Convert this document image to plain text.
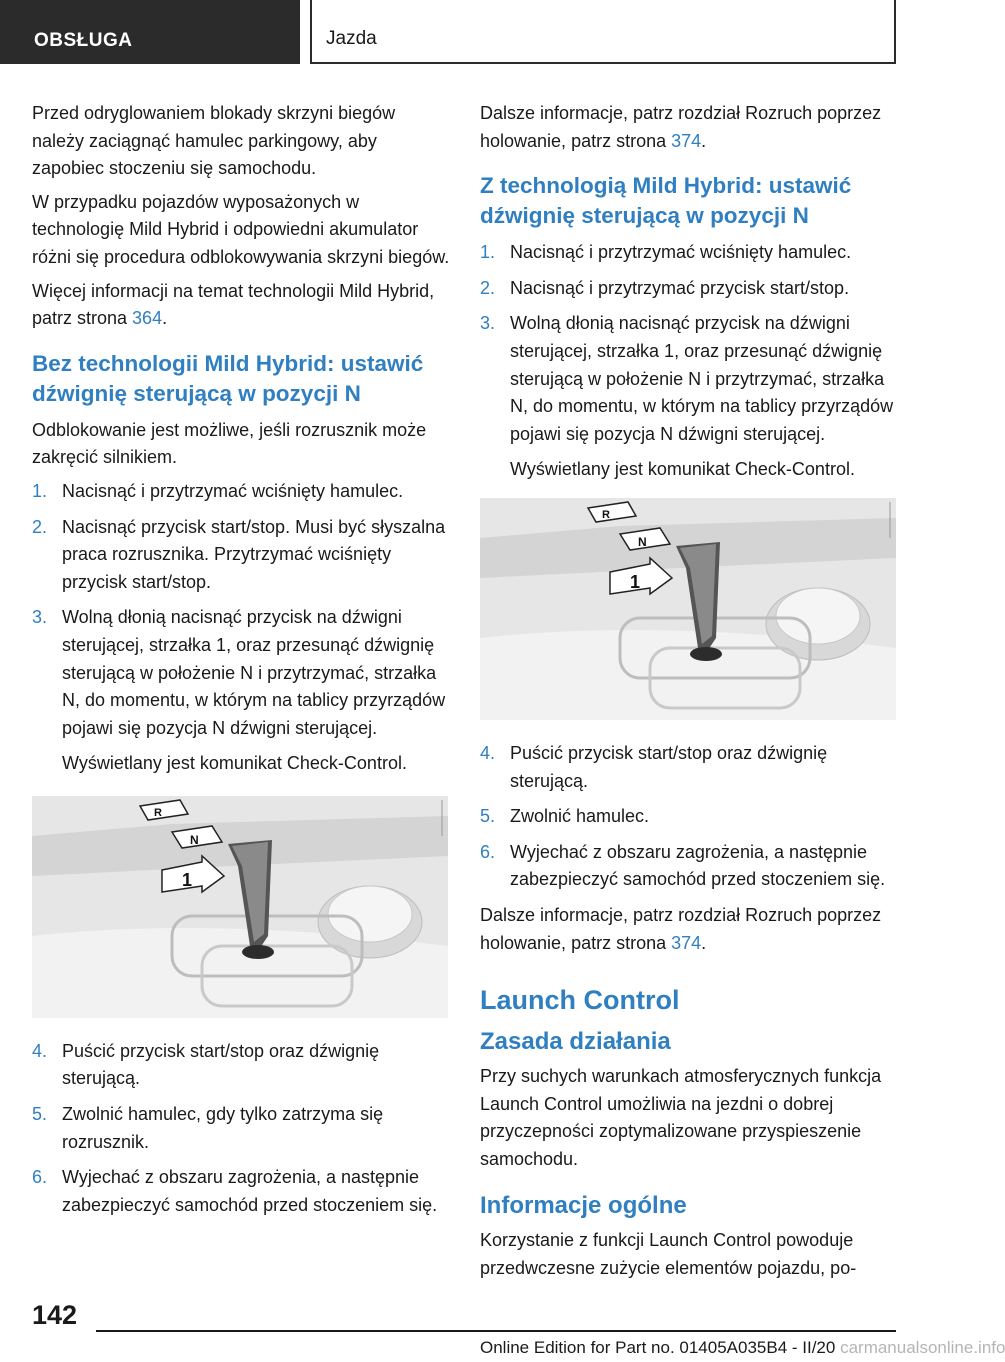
OBSŁUGA	Jazda

Przed odryglowaniem blokady skrzyni biegów należy zaciągnąć hamulec parkingowy, aby zapobiec stoczeniu się samochodu.

W przypadku pojazdów wyposażonych w technologię Mild Hybrid i odpowiedni akumulator różni się procedura odblokowywania skrzyni biegów.

Więcej informacji na temat technologii Mild Hybrid, patrz strona 364.

Bez technologii Mild Hybrid: ustawić dźwignię sterującą w pozycji N

Odblokowanie jest możliwe, jeśli rozrusznik może zakręcić silnikiem.

1. Nacisnąć i przytrzymać wciśnięty hamulec.
2. Nacisnąć przycisk start/stop. Musi być słyszalna praca rozrusznika. Przytrzymać wciśnięty przycisk start/stop.
3. Wolną dłonią nacisnąć przycisk na dźwigni sterującej, strzałka 1, oraz przesunąć dźwignię sterującą w położenie N i przytrzymać, strzałka N, do momentu, w którym na tablicy przyrządów pojawi się pozycja N dźwigni sterującej.
Wyświetlany jest komunikat Check-Control.
R
N
1
4. Puścić przycisk start/stop oraz dźwignię sterującą.
5. Zwolnić hamulec, gdy tylko zatrzyma się rozrusznik.
6. Wyjechać z obszaru zagrożenia, a następnie zabezpieczyć samochód przed stoczeniem się.

Dalsze informacje, patrz rozdział Rozruch poprzez holowanie, patrz strona 374.

Z technologią Mild Hybrid: ustawić dźwignię sterującą w pozycji N
1. Nacisnąć i przytrzymać wciśnięty hamulec.
2. Nacisnąć i przytrzymać przycisk start/stop.
3. Wolną dłonią nacisnąć przycisk na dźwigni sterującej, strzałka 1, oraz przesunąć dźwignię sterującą w położenie N i przytrzymać, strzałka N, do momentu, w którym na tablicy przyrządów pojawi się pozycja N dźwigni sterującej.
Wyświetlany jest komunikat Check-Control.
R
N
1
4. Puścić przycisk start/stop oraz dźwignię sterującą.
5. Zwolnić hamulec.
6. Wyjechać z obszaru zagrożenia, a następnie zabezpieczyć samochód przed stoczeniem się.

Dalsze informacje, patrz rozdział Rozruch poprzez holowanie, patrz strona 374.

Launch Control
Zasada działania

Przy suchych warunkach atmosferycznych funkcja Launch Control umożliwia na jezdni o dobrej przyczepności zoptymalizowane przyspieszenie samochodu.

Informacje ogólne

Korzystanie z funkcji Launch Control powoduje przedwczesne zużycie elementów pojazdu, po-

142
Online Edition for Part no. 01405A035B4 - II/20 carmanualsonline.info
